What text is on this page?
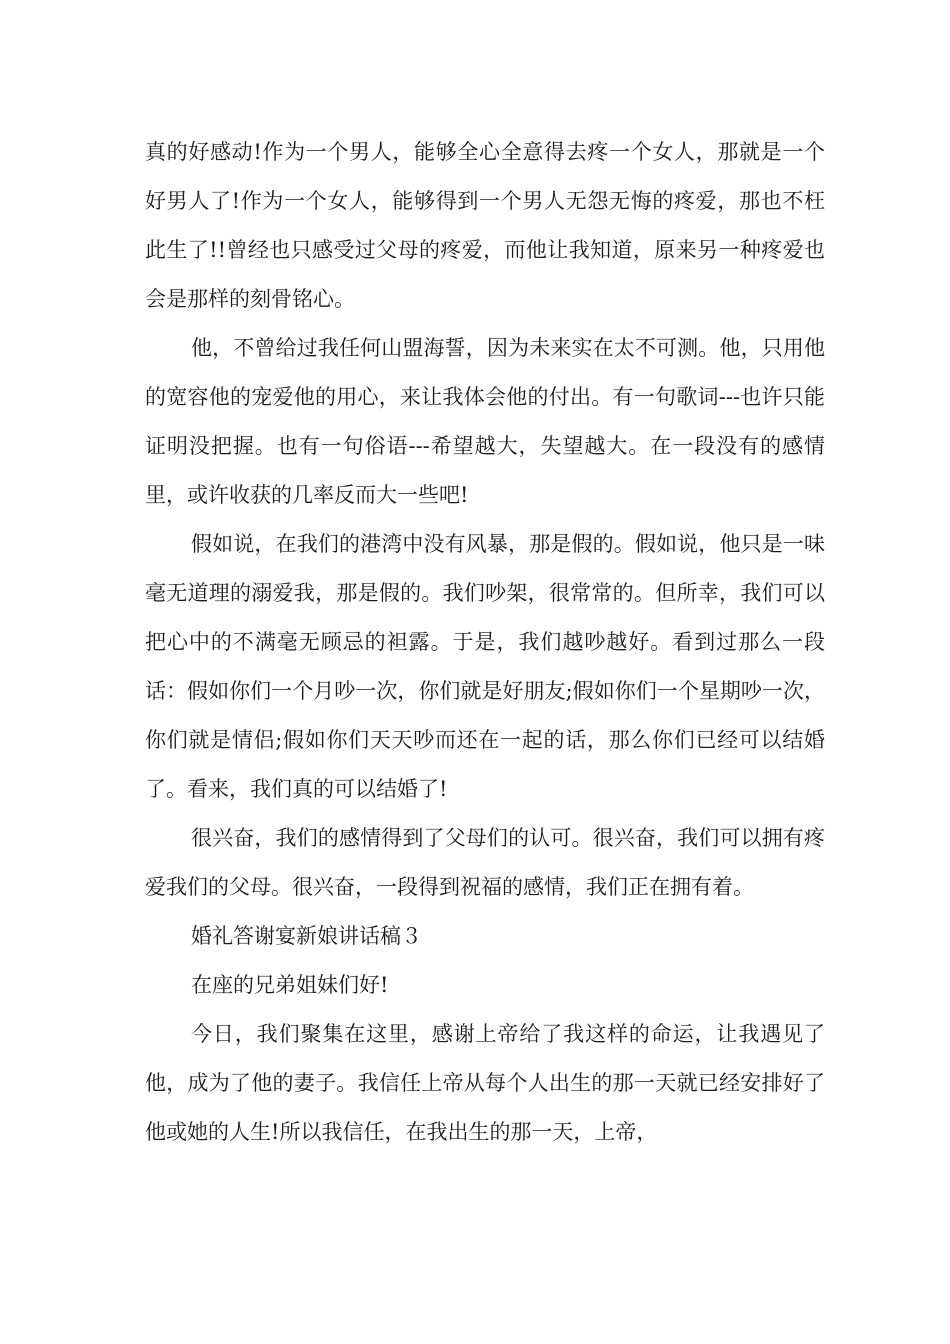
真的好感动!作为一个男人，能够全心全意得去疼一个女人，那就是一个好男人了!作为一个女人，能够得到一个男人无怨无悔的疼爱，那也不枉此生了!!曾经也只感受过父母的疼爱，而他让我知道，原来另一种疼爱也会是那样的刻骨铭心。

他，不曾给过我任何山盟海誓，因为未来实在太不可测。他，只用他的宽容他的宠爱他的用心，来让我体会他的付出。有一句歌词---也许只能证明没把握。也有一句俗语---希望越大，失望越大。在一段没有的感情里，或许收获的几率反而大一些吧!

假如说，在我们的港湾中没有风暴，那是假的。假如说，他只是一味毫无道理的溺爱我，那是假的。我们吵架，很常常的。但所幸，我们可以把心中的不满毫无顾忌的袒露。于是，我们越吵越好。看到过那么一段话：假如你们一个月吵一次，你们就是好朋友;假如你们一个星期吵一次，你们就是情侣;假如你们天天吵而还在一起的话，那么你们已经可以结婚了。看来，我们真的可以结婚了!

很兴奋，我们的感情得到了父母们的认可。很兴奋，我们可以拥有疼爱我们的父母。很兴奋，一段得到祝福的感情，我们正在拥有着。

婚礼答谢宴新娘讲话稿３

在座的兄弟姐妹们好!

今日，我们聚集在这里，感谢上帝给了我这样的命运，让我遇见了他，成为了他的妻子。我信任上帝从每个人出生的那一天就已经安排好了他或她的人生!所以我信任，在我出生的那一天，上帝，
